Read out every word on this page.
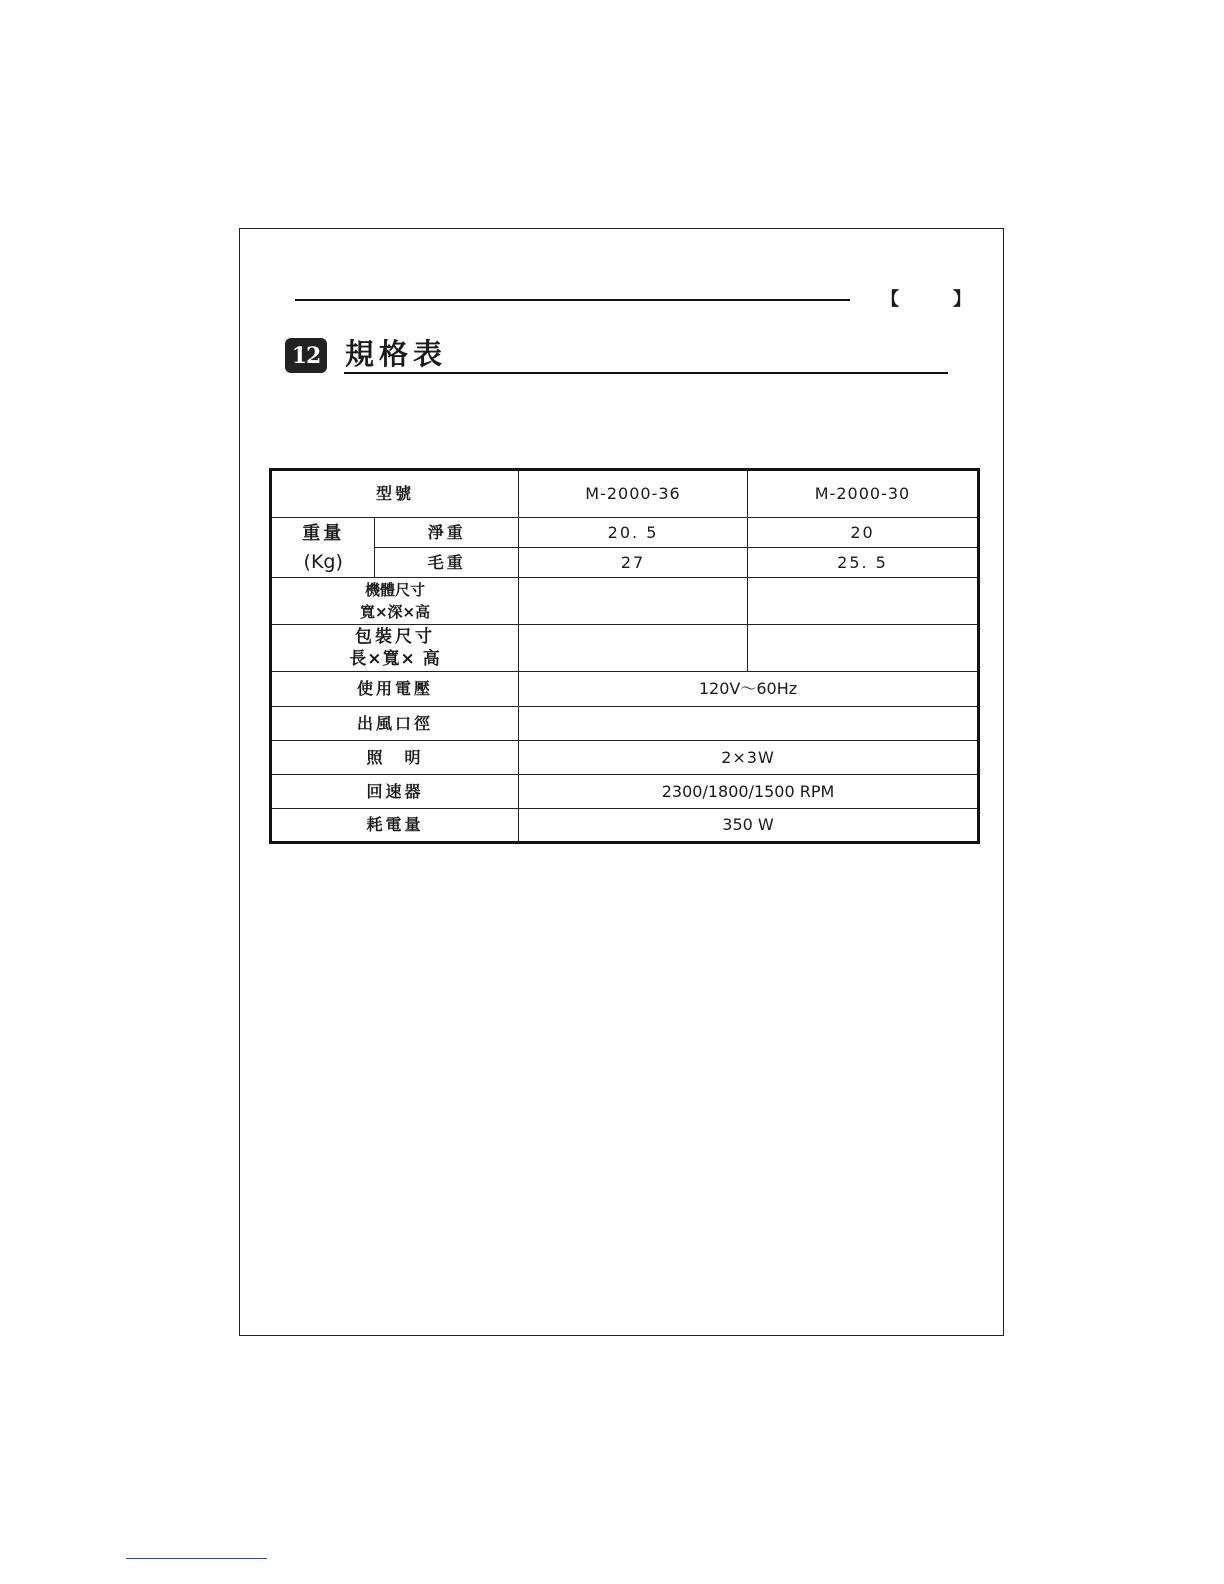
【	】
12 規格表
型號		M-2000-36	M-2000-30

重量
(Kg)	淨重	20. 5	20
	毛重	27	25. 5

機體尺寸
寬×深×高			

包裝尺寸
長×寬× 高			

使用電壓		120V～60Hz	
出風口徑			
照　明		2×3W	
回速器		2300/1800/1500 RPM	
耗電量		350 W	
